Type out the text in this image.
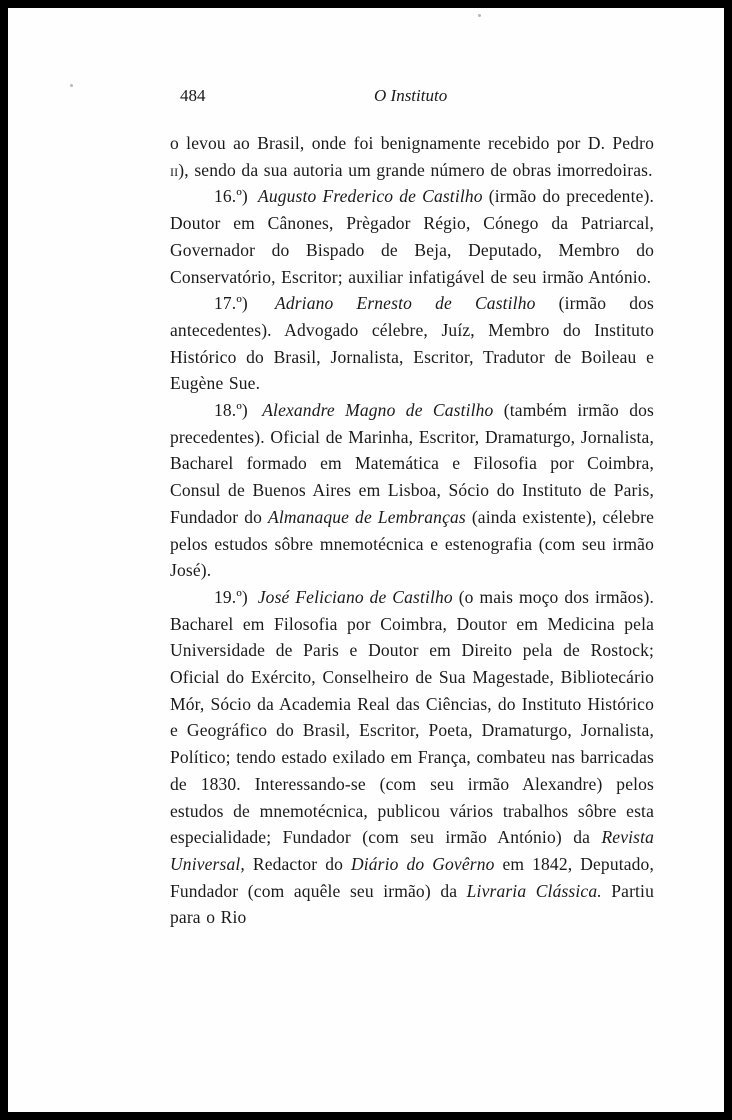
484	O Instituto

o levou ao Brasil, onde foi benignamente recebido por D. Pedro ii), sendo da sua autoria um grande número de obras imorredoiras.

16.º) Augusto Frederico de Castilho (irmão do precedente). Doutor em Cânones, Prègador Régio, Cónego da Patriarcal, Governador do Bispado de Beja, Deputado, Membro do Conservatório, Escritor; auxiliar infatigável de seu irmão António.

17.º) Adriano Ernesto de Castilho (irmão dos antecedentes). Advogado célebre, Juíz, Membro do Instituto Histórico do Brasil, Jornalista, Escritor, Tradutor de Boileau e Eugène Sue.

18.º) Alexandre Magno de Castilho (também irmão dos precedentes). Oficial de Marinha, Escritor, Dramaturgo, Jornalista, Bacharel formado em Matemática e Filosofia por Coimbra, Consul de Buenos Aires em Lisboa, Sócio do Instituto de Paris, Fundador do Almanaque de Lembranças (ainda existente), célebre pelos estudos sôbre mnemotécnica e estenografia (com seu irmão José).

19.º) José Feliciano de Castilho (o mais moço dos irmãos). Bacharel em Filosofia por Coimbra, Doutor em Medicina pela Universidade de Paris e Doutor em Direito pela de Rostock; Oficial do Exército, Conselheiro de Sua Magestade, Bibliotecário Mór, Sócio da Academia Real das Ciências, do Instituto Histórico e Geográfico do Brasil, Escritor, Poeta, Dramaturgo, Jornalista, Político; tendo estado exilado em França, combateu nas barricadas de 1830. Interessando-se (com seu irmão Alexandre) pelos estudos de mnemotécnica, publicou vários trabalhos sôbre esta especialidade; Fundador (com seu irmão António) da Revista Universal, Redactor do Diário do Govêrno em 1842, Deputado, Fundador (com aquêle seu irmão) da Livraria Clássica. Partiu para o Rio
